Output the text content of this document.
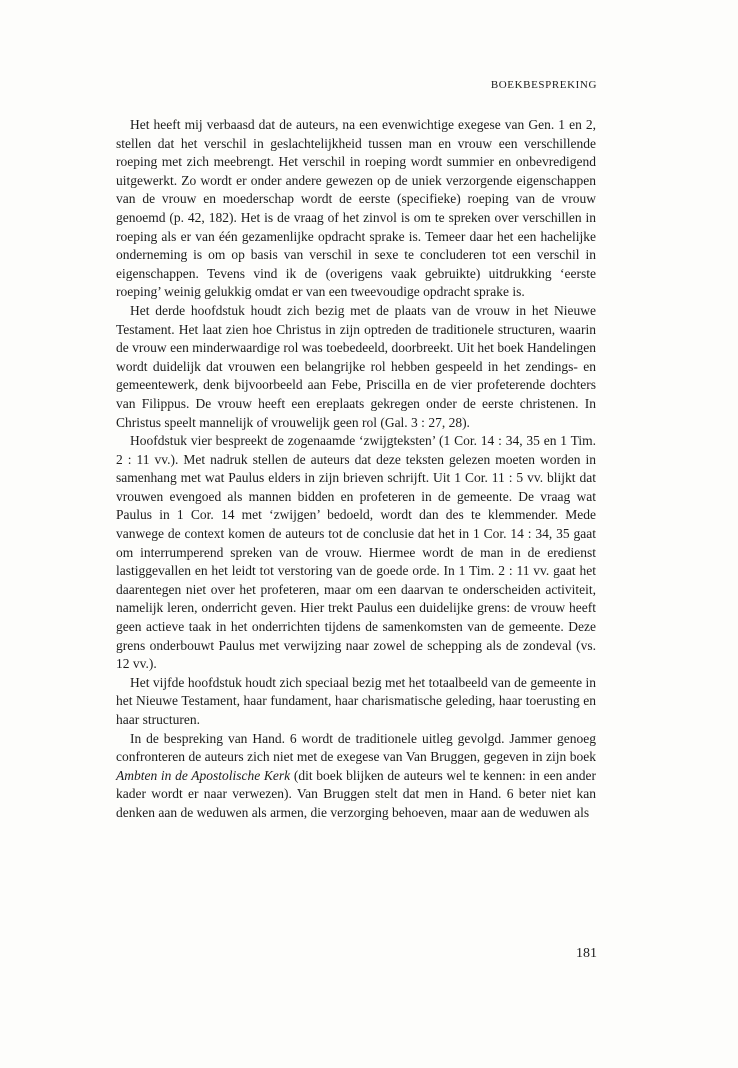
BOEKBESPREKING

Het heeft mij verbaasd dat de auteurs, na een evenwichtige exegese van Gen. 1 en 2, stellen dat het verschil in geslachtelijkheid tussen man en vrouw een verschillende roeping met zich meebrengt. Het verschil in roeping wordt summier en onbevredigend uitgewerkt. Zo wordt er onder andere gewezen op de uniek verzorgende eigenschappen van de vrouw en moederschap wordt de eerste (specifieke) roeping van de vrouw genoemd (p. 42, 182). Het is de vraag of het zinvol is om te spreken over verschillen in roeping als er van één gezamenlijke opdracht sprake is. Temeer daar het een hachelijke onderneming is om op basis van verschil in sexe te concluderen tot een verschil in eigenschappen. Tevens vind ik de (overigens vaak gebruikte) uitdrukking ‘eerste roeping’ weinig gelukkig omdat er van een tweevoudige opdracht sprake is.

Het derde hoofdstuk houdt zich bezig met de plaats van de vrouw in het Nieuwe Testament. Het laat zien hoe Christus in zijn optreden de traditionele structuren, waarin de vrouw een minderwaardige rol was toebedeeld, doorbreekt. Uit het boek Handelingen wordt duidelijk dat vrouwen een belangrijke rol hebben gespeeld in het zendings- en gemeentewerk, denk bijvoorbeeld aan Febe, Priscilla en de vier profeterende dochters van Filippus. De vrouw heeft een ereplaats gekregen onder de eerste christenen. In Christus speelt mannelijk of vrouwelijk geen rol (Gal. 3 : 27, 28).

Hoofdstuk vier bespreekt de zogenaamde ‘zwijgteksten’ (1 Cor. 14 : 34, 35 en 1 Tim. 2 : 11 vv.). Met nadruk stellen de auteurs dat deze teksten gelezen moeten worden in samenhang met wat Paulus elders in zijn brieven schrijft. Uit 1 Cor. 11 : 5 vv. blijkt dat vrouwen evengoed als mannen bidden en profeteren in de gemeente. De vraag wat Paulus in 1 Cor. 14 met ‘zwijgen’ bedoeld, wordt dan des te klemmender. Mede vanwege de context komen de auteurs tot de conclusie dat het in 1 Cor. 14 : 34, 35 gaat om interrumperend spreken van de vrouw. Hiermee wordt de man in de eredienst lastiggevallen en het leidt tot verstoring van de goede orde. In 1 Tim. 2 : 11 vv. gaat het daarentegen niet over het profeteren, maar om een daarvan te onderscheiden activiteit, namelijk leren, onderricht geven. Hier trekt Paulus een duidelijke grens: de vrouw heeft geen actieve taak in het onderrichten tijdens de samenkomsten van de gemeente. Deze grens onderbouwt Paulus met verwijzing naar zowel de schepping als de zondeval (vs. 12 vv.).

Het vijfde hoofdstuk houdt zich speciaal bezig met het totaalbeeld van de gemeente in het Nieuwe Testament, haar fundament, haar charismatische geleding, haar toerusting en haar structuren.

In de bespreking van Hand. 6 wordt de traditionele uitleg gevolgd. Jammer genoeg confronteren de auteurs zich niet met de exegese van Van Bruggen, gegeven in zijn boek Ambten in de Apostolische Kerk (dit boek blijken de auteurs wel te kennen: in een ander kader wordt er naar verwezen). Van Bruggen stelt dat men in Hand. 6 beter niet kan denken aan de weduwen als armen, die verzorging behoeven, maar aan de weduwen als

181
